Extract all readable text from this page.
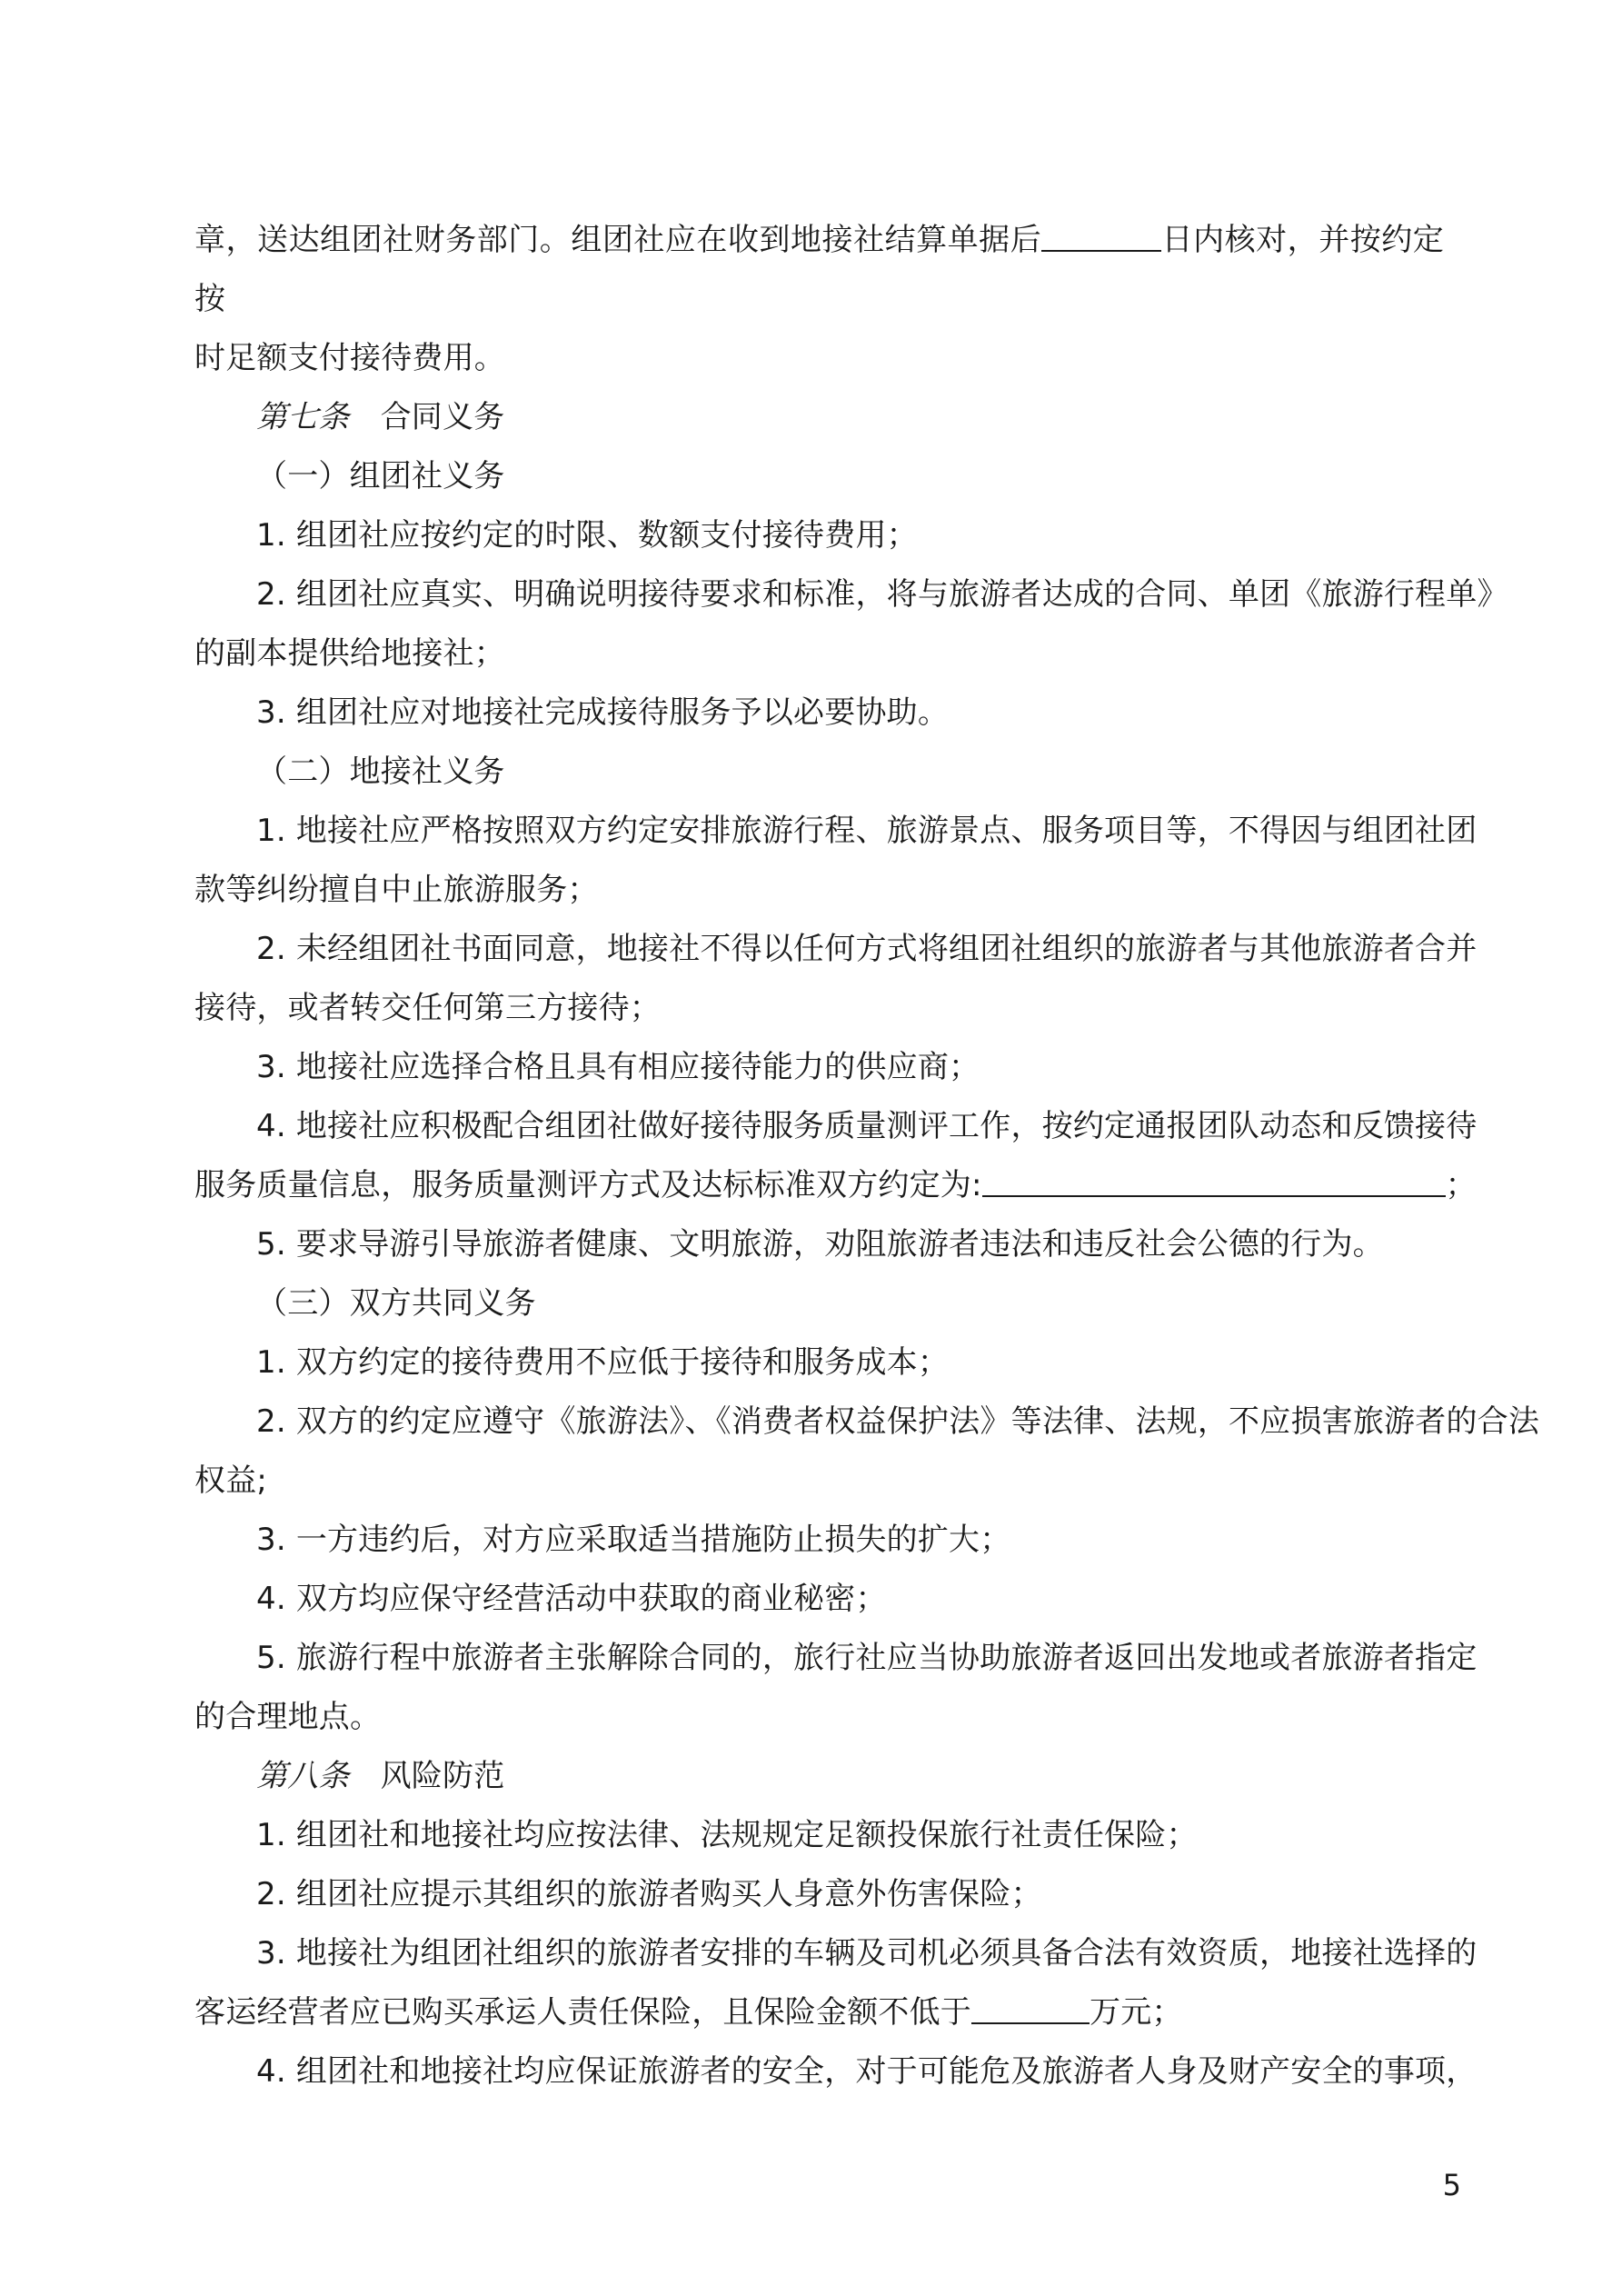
章，送达组团社财务部门。组团社应在收到地接社结算单据后	日内核对，并按约定按

时足额支付接待费用。

第七条 合同义务

（一）组团社义务

1. 组团社应按约定的时限、数额支付接待费用；

2. 组团社应真实、明确说明接待要求和标准，将与旅游者达成的合同、单团《旅游行程单》

的副本提供给地接社；

3. 组团社应对地接社完成接待服务予以必要协助。

（二）地接社义务

1. 地接社应严格按照双方约定安排旅游行程、旅游景点、服务项目等，不得因与组团社团

款等纠纷擅自中止旅游服务；

2. 未经组团社书面同意，地接社不得以任何方式将组团社组织的旅游者与其他旅游者合并

接待，或者转交任何第三方接待；

3. 地接社应选择合格且具有相应接待能力的供应商；

4. 地接社应积极配合组团社做好接待服务质量测评工作，按约定通报团队动态和反馈接待

服务质量信息，服务质量测评方式及达标标准双方约定为:	；

5. 要求导游引导旅游者健康、文明旅游，劝阻旅游者违法和违反社会公德的行为。

（三）双方共同义务

1. 双方约定的接待费用不应低于接待和服务成本；

2. 双方的约定应遵守《旅游法》、《消费者权益保护法》等法律、法规，不应损害旅游者的合法

权益;

3. 一方违约后，对方应采取适当措施防止损失的扩大；

4. 双方均应保守经营活动中获取的商业秘密；

5. 旅游行程中旅游者主张解除合同的，旅行社应当协助旅游者返回出发地或者旅游者指定

的合理地点。

第八条 风险防范

1. 组团社和地接社均应按法律、法规规定足额投保旅行社责任保险；

2. 组团社应提示其组织的旅游者购买人身意外伤害保险；

3. 地接社为组团社组织的旅游者安排的车辆及司机必须具备合法有效资质，地接社选择的

客运经营者应已购买承运人责任保险，且保险金额不低于	万元；

4. 组团社和地接社均应保证旅游者的安全，对于可能危及旅游者人身及财产安全的事项，

5
